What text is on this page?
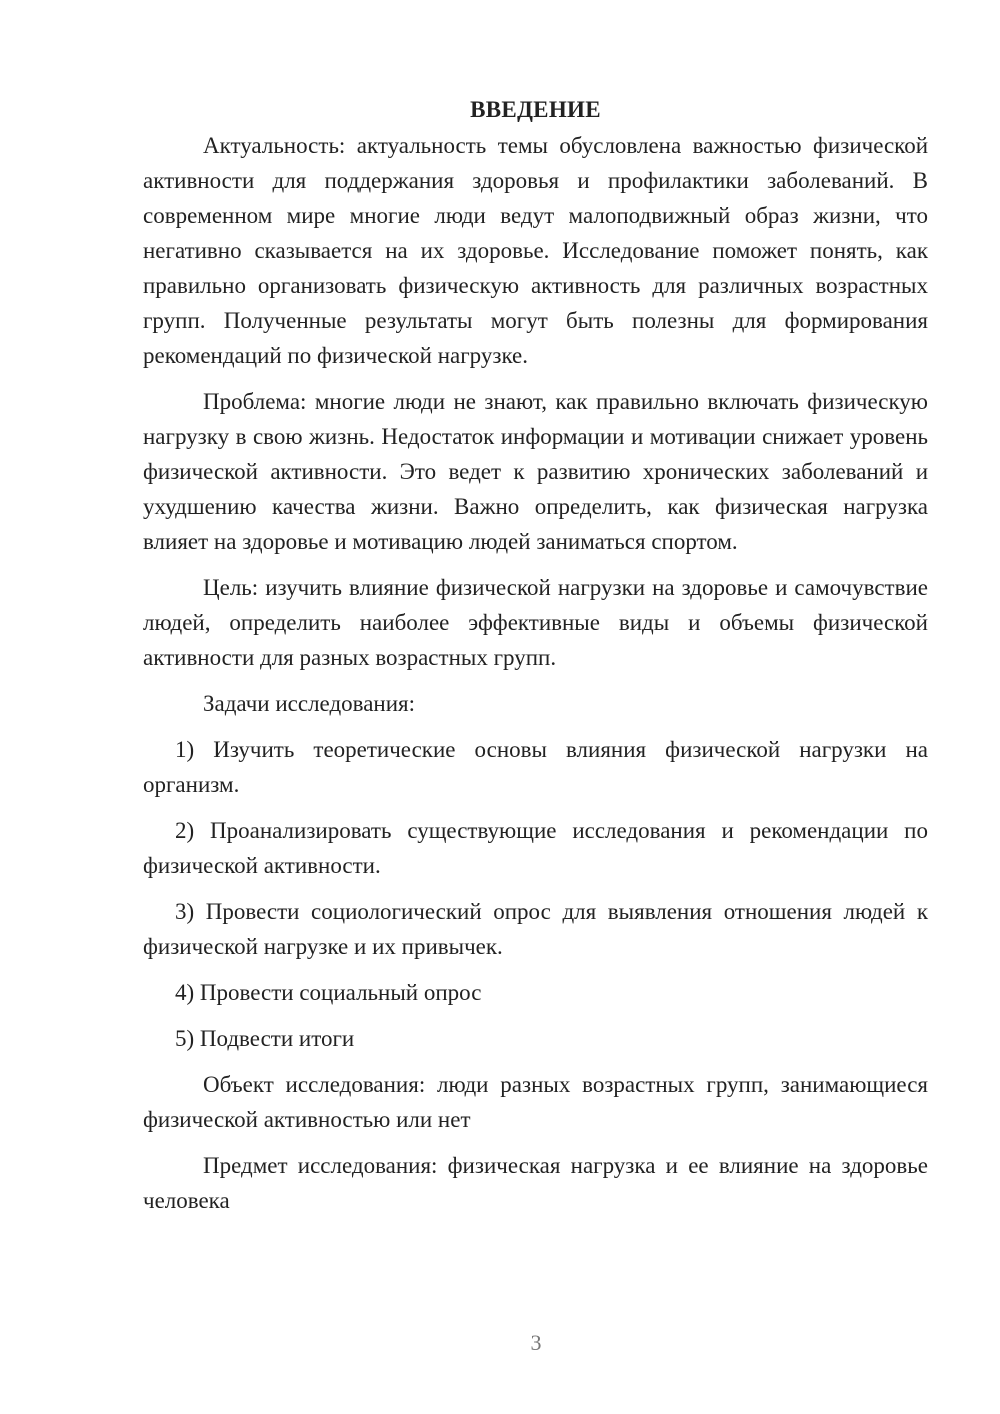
ВВЕДЕНИЕ

Актуальность: актуальность темы обусловлена важностью физической активности для поддержания здоровья и профилактики заболеваний. В современном мире многие люди ведут малоподвижный образ жизни, что негативно сказывается на их здоровье. Исследование поможет понять, как правильно организовать физическую активность для различных возрастных групп. Полученные результаты могут быть полезны для формирования рекомендаций по физической нагрузке.

Проблема: многие люди не знают, как правильно включать физическую нагрузку в свою жизнь. Недостаток информации и мотивации снижает уровень физической активности. Это ведет к развитию хронических заболеваний и ухудшению качества жизни. Важно определить, как физическая нагрузка влияет на здоровье и мотивацию людей заниматься спортом.

Цель: изучить влияние физической нагрузки на здоровье и самочувствие людей, определить наиболее эффективные виды и объемы физической активности для разных возрастных групп.

Задачи исследования:

1) Изучить теоретические основы влияния физической нагрузки на организм.

2) Проанализировать существующие исследования и рекомендации по физической активности.

3) Провести социологический опрос для выявления отношения людей к физической нагрузке и их привычек.

4) Провести социальный опрос

5) Подвести итоги

Объект исследования: люди разных возрастных групп, занимающиеся физической активностью или нет

Предмет исследования: физическая нагрузка и ее влияние на здоровье человека

3
